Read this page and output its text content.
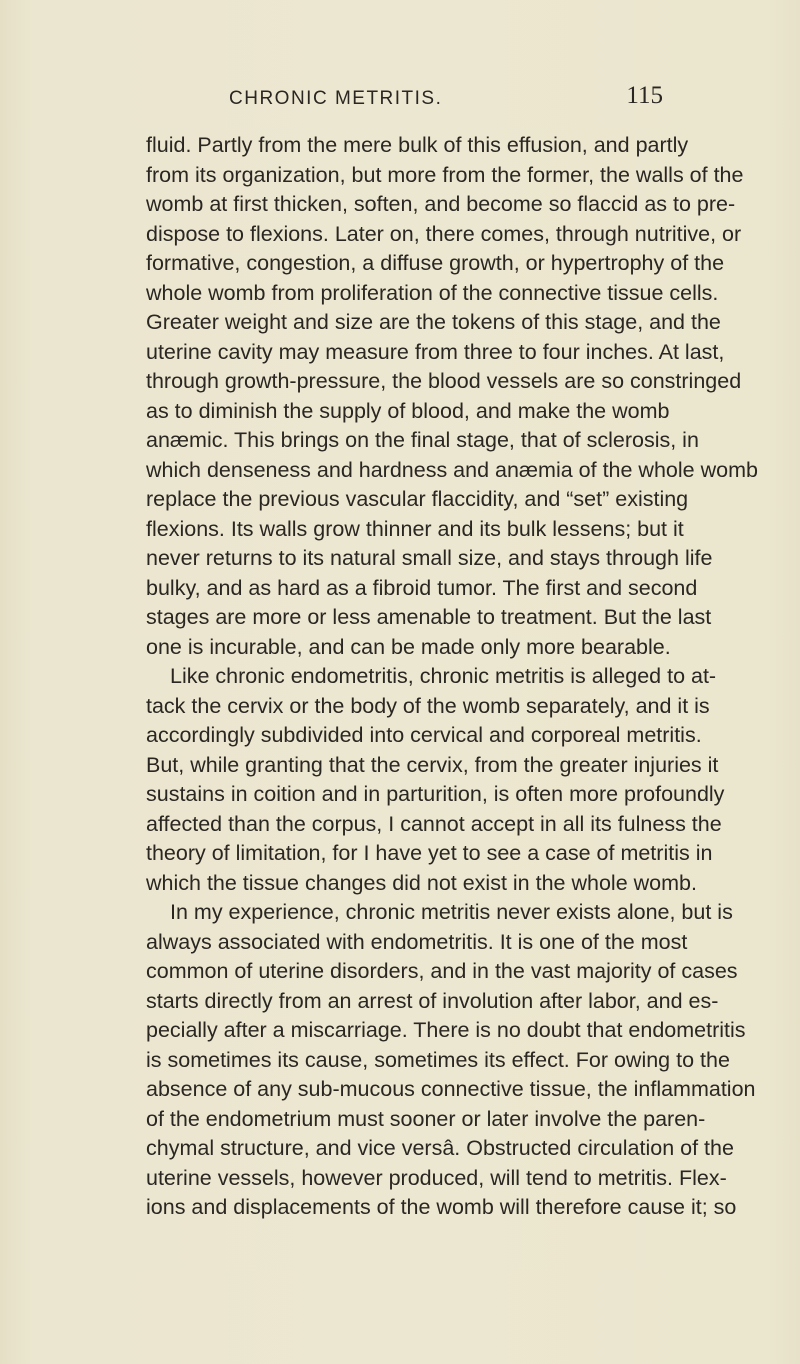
CHRONIC METRITIS.	115
fluid. Partly from the mere bulk of this effusion, and partly
from its organization, but more from the former, the walls of the
womb at first thicken, soften, and become so flaccid as to pre-
dispose to flexions. Later on, there comes, through nutritive, or
formative, congestion, a diffuse growth, or hypertrophy of the
whole womb from proliferation of the connective tissue cells.
Greater weight and size are the tokens of this stage, and the
uterine cavity may measure from three to four inches. At last,
through growth-pressure, the blood vessels are so constringed
as to diminish the supply of blood, and make the womb
anæmic. This brings on the final stage, that of sclerosis, in
which denseness and hardness and anæmia of the whole womb
replace the previous vascular flaccidity, and “set” existing
flexions. Its walls grow thinner and its bulk lessens; but it
never returns to its natural small size, and stays through life
bulky, and as hard as a fibroid tumor. The first and second
stages are more or less amenable to treatment. But the last
one is incurable, and can be made only more bearable.
Like chronic endometritis, chronic metritis is alleged to at-
tack the cervix or the body of the womb separately, and it is
accordingly subdivided into cervical and corporeal metritis.
But, while granting that the cervix, from the greater injuries it
sustains in coition and in parturition, is often more profoundly
affected than the corpus, I cannot accept in all its fulness the
theory of limitation, for I have yet to see a case of metritis in
which the tissue changes did not exist in the whole womb.
In my experience, chronic metritis never exists alone, but is
always associated with endometritis. It is one of the most
common of uterine disorders, and in the vast majority of cases
starts directly from an arrest of involution after labor, and es-
pecially after a miscarriage. There is no doubt that endometritis
is sometimes its cause, sometimes its effect. For owing to the
absence of any sub-mucous connective tissue, the inflammation
of the endometrium must sooner or later involve the paren-
chymal structure, and vice versâ. Obstructed circulation of the
uterine vessels, however produced, will tend to metritis. Flex-
ions and displacements of the womb will therefore cause it; so
